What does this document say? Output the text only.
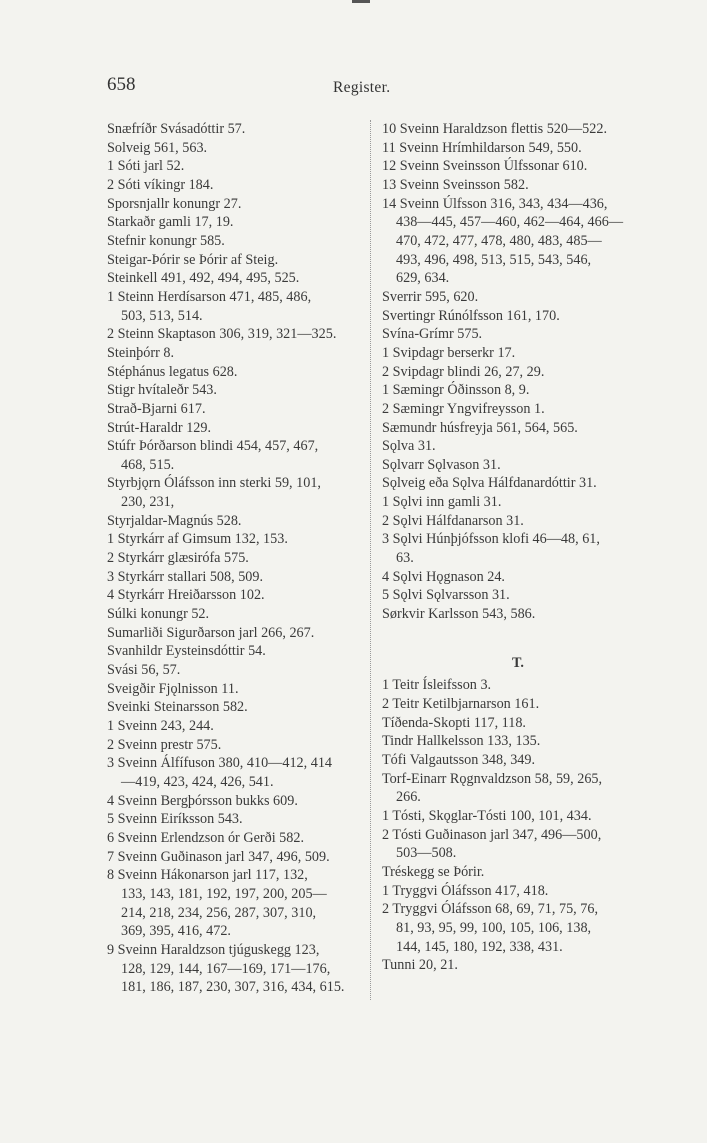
658	Register.
Snæfríðr Svásadóttir 57.
Solveig 561, 563.
1 Sóti jarl 52.
2 Sóti víkingr 184.
Sporsnjallr konungr 27.
Starkaðr gamli 17, 19.
Stefnir konungr 585.
Steigar-Þórir se Þórir af Steig.
Steinkell 491, 492, 494, 495, 525.
1 Steinn Herdísarson 471, 485, 486,
503, 513, 514.
2 Steinn Skaptason 306, 319, 321—325.
Steinþórr 8.
Stéphánus legatus 628.
Stigr hvítaleðr 543.
Strað-Bjarni 617.
Strút-Haraldr 129.
Stúfr Þórðarson blindi 454, 457, 467,
468, 515.
Styrbjǫrn Óláfsson inn sterki 59, 101,
230, 231,
Styrjaldar-Magnús 528.
1 Styrkárr af Gimsum 132, 153.
2 Styrkárr glæsirófa 575.
3 Styrkárr stallari 508, 509.
4 Styrkárr Hreiðarsson 102.
Súlki konungr 52.
Sumarliði Sigurðarson jarl 266, 267.
Svanhildr Eysteinsdóttir 54.
Svási 56, 57.
Sveigðir Fjǫlnisson 11.
Sveinki Steinarsson 582.
1 Sveinn 243, 244.
2 Sveinn prestr 575.
3 Sveinn Álfífuson 380, 410—412, 414
—419, 423, 424, 426, 541.
4 Sveinn Bergþórsson bukks 609.
5 Sveinn Eiríksson 543.
6 Sveinn Erlendzson ór Gerði 582.
7 Sveinn Guðinason jarl 347, 496, 509.
8 Sveinn Hákonarson jarl 117, 132,
133, 143, 181, 192, 197, 200, 205—
214, 218, 234, 256, 287, 307, 310,
369, 395, 416, 472.
9 Sveinn Haraldzson tjúguskegg 123,
128, 129, 144, 167—169, 171—176,
181, 186, 187, 230, 307, 316, 434, 615.
10 Sveinn Haraldzson flettis 520—522.
11 Sveinn Hrímhildarson 549, 550.
12 Sveinn Sveinsson Úlfssonar 610.
13 Sveinn Sveinsson 582.
14 Sveinn Úlfsson 316, 343, 434—436,
438—445, 457—460, 462—464, 466—
470, 472, 477, 478, 480, 483, 485—
493, 496, 498, 513, 515, 543, 546,
629, 634.
Sverrir 595, 620.
Svertingr Rúnólfsson 161, 170.
Svína-Grímr 575.
1 Svipdagr berserkr 17.
2 Svipdagr blindi 26, 27, 29.
1 Sæmingr Óðinsson 8, 9.
2 Sæmingr Yngvifreysson 1.
Sæmundr húsfreyja 561, 564, 565.
Sǫlva 31.
Sǫlvarr Sǫlvason 31.
Sǫlveig eða Sǫlva Hálfdanardóttir 31.
1 Sǫlvi inn gamli 31.
2 Sǫlvi Hálfdanarson 31.
3 Sǫlvi Húnþjófsson klofi 46—48, 61,
63.
4 Sǫlvi Hǫgnason 24.
5 Sǫlvi Sǫlvarsson 31.
Sørkvir Karlsson 543, 586.
T.
1 Teitr Ísleifsson 3.
2 Teitr Ketilbjarnarson 161.
Tíðenda-Skopti 117, 118.
Tindr Hallkelsson 133, 135.
Tófi Valgautsson 348, 349.
Torf-Einarr Rǫgnvaldzson 58, 59, 265,
266.
1 Tósti, Skǫglar-Tósti 100, 101, 434.
2 Tósti Guðinason jarl 347, 496—500,
503—508.
Tréskegg se Þórir.
1 Tryggvi Óláfsson 417, 418.
2 Tryggvi Óláfsson 68, 69, 71, 75, 76,
81, 93, 95, 99, 100, 105, 106, 138,
144, 145, 180, 192, 338, 431.
Tunni 20, 21.
